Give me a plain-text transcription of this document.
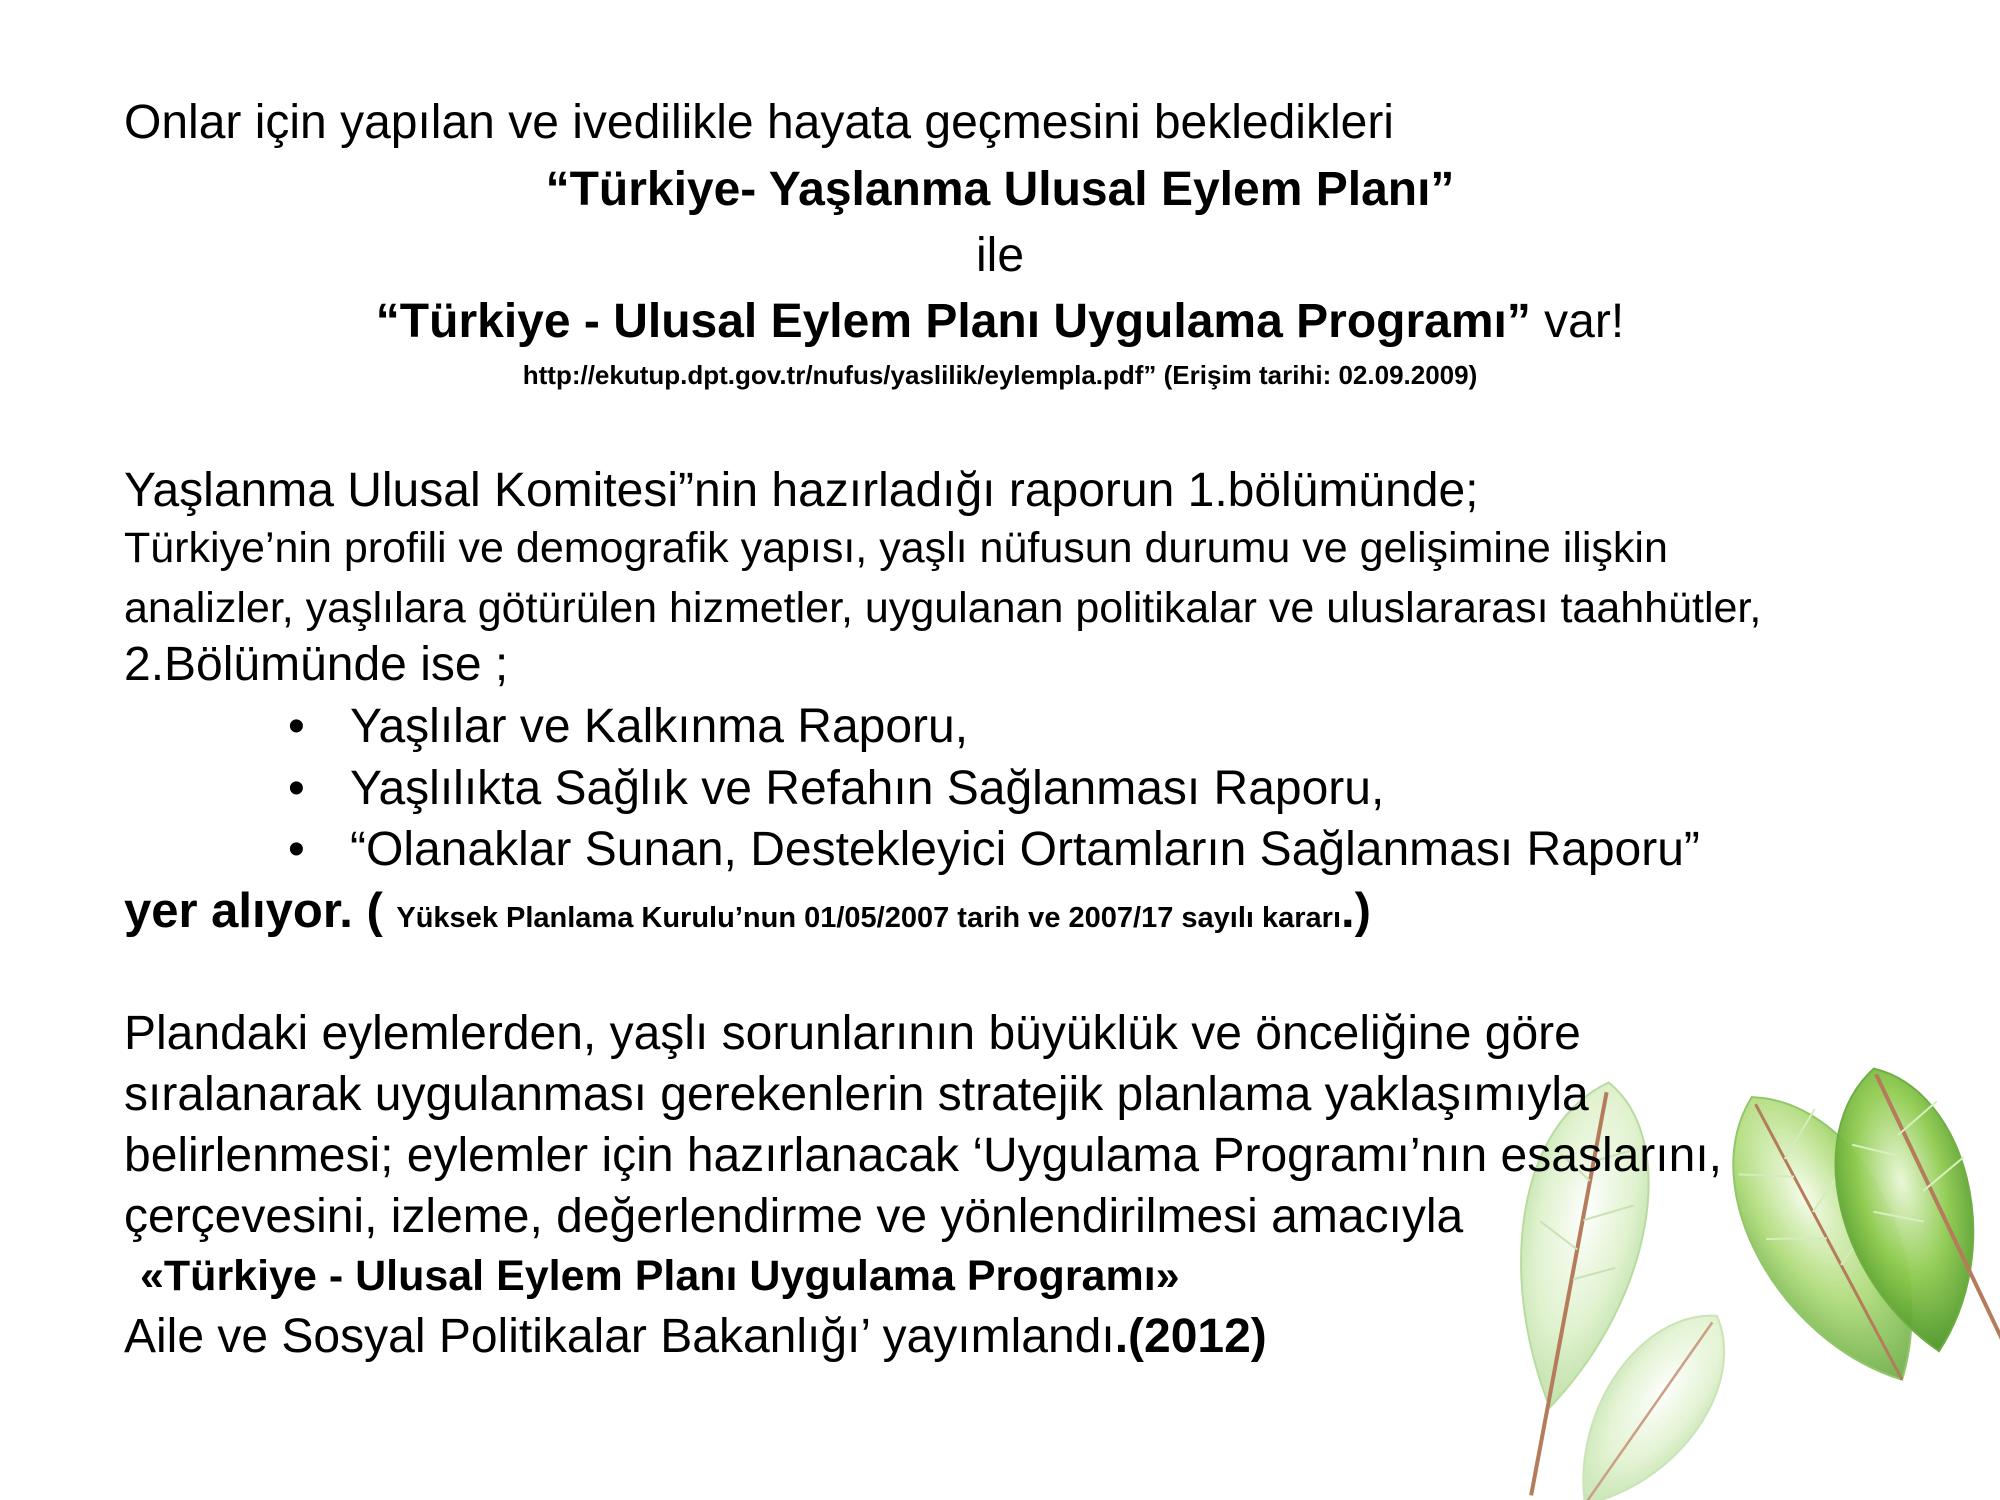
Onlar için yapılan ve ivedilikle hayata geçmesini bekledikleri
“Türkiye- Yaşlanma Ulusal Eylem Planı”
ile
“Türkiye - Ulusal Eylem Planı Uygulama Programı” var!
http://ekutup.dpt.gov.tr/nufus/yaslilik/eylempla.pdf” (Erişim tarihi: 02.09.2009)
Yaşlanma Ulusal Komitesi”nin hazırladığı raporun 1.bölümünde;
Türkiye’nin profili ve demografik yapısı, yaşlı nüfusun durumu ve gelişimine ilişkin
analizler, yaşlılara götürülen hizmetler, uygulanan politikalar ve uluslararası taahhütler,
2.Bölümünde ise ;
• Yaşlılar ve Kalkınma Raporu,
• Yaşlılıkta Sağlık ve Refahın Sağlanması Raporu,
• “Olanaklar Sunan, Destekleyici Ortamların Sağlanması Raporu”
yer alıyor. ( Yüksek Planlama Kurulu’nun 01/05/2007 tarih ve 2007/17 sayılı kararı.)
Plandaki eylemlerden, yaşlı sorunlarının büyüklük ve önceliğine göre
sıralanarak uygulanması gerekenlerin stratejik planlama yaklaşımıyla
belirlenmesi; eylemler için hazırlanacak ‘Uygulama Programı’nın esaslarını,
çerçevesini, izleme, değerlendirme ve yönlendirilmesi amacıyla
«Türkiye - Ulusal Eylem Planı Uygulama Programı»
Aile ve Sosyal Politikalar Bakanlığı’ yayımlandı.(2012)
